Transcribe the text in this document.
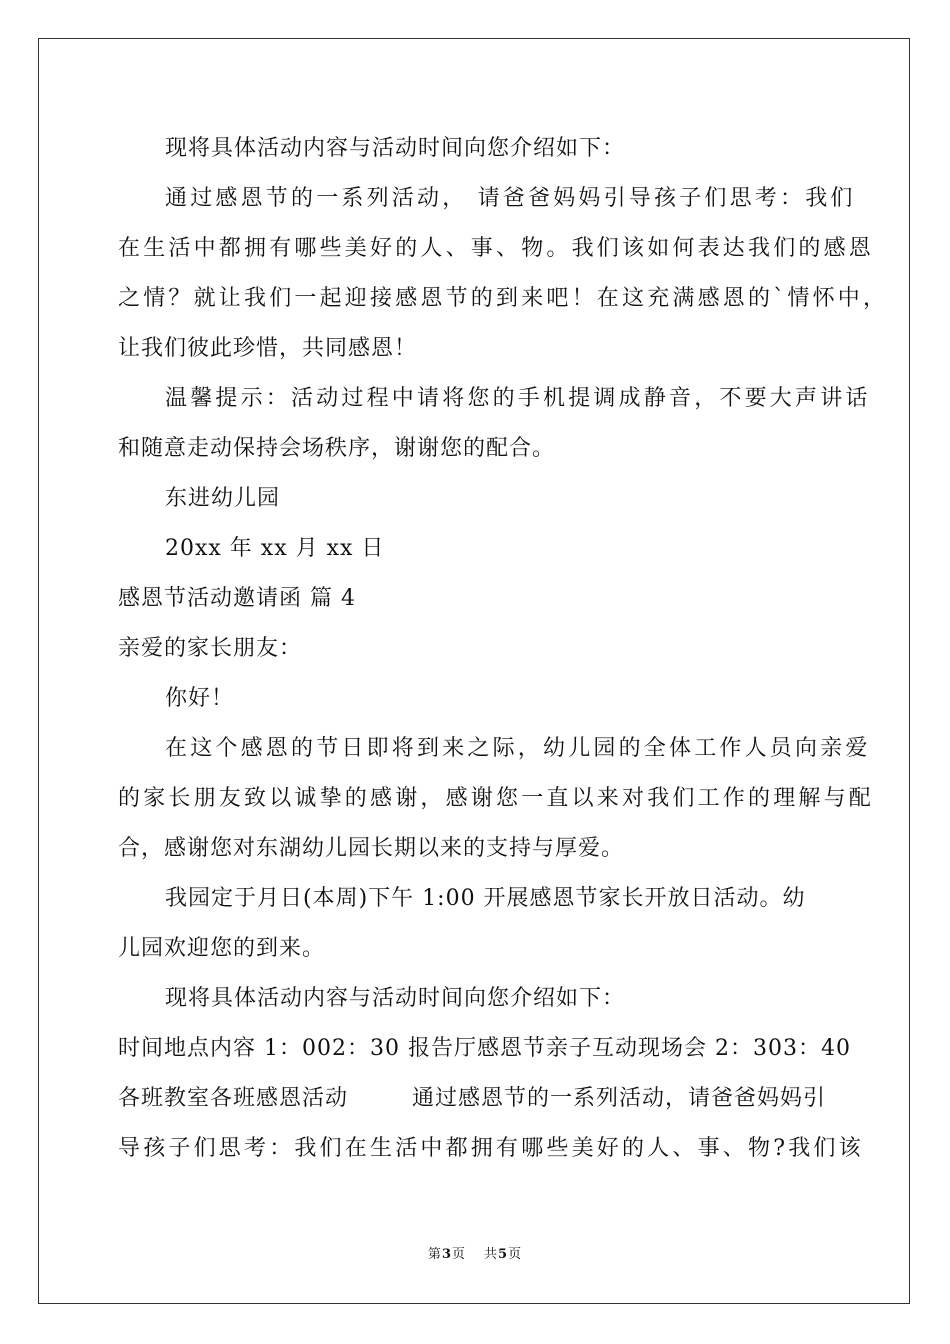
现将具体活动内容与活动时间向您介绍如下：
通过感恩节的一系列活动， 请爸爸妈妈引导孩子们思考：我们
在生活中都拥有哪些美好的人、事、物。我们该如何表达我们的感恩
之情？就让我们一起迎接感恩节的到来吧！在这充满感恩的`情怀中，
让我们彼此珍惜，共同感恩！
温馨提示：活动过程中请将您的手机提调成静音，不要大声讲话
和随意走动保持会场秩序，谢谢您的配合。
东进幼儿园
20xx 年 xx 月 xx 日
感恩节活动邀请函 篇 4
亲爱的家长朋友：
你好！
在这个感恩的节日即将到来之际，幼儿园的全体工作人员向亲爱
的家长朋友致以诚挚的感谢，感谢您一直以来对我们工作的理解与配
合，感谢您对东湖幼儿园长期以来的支持与厚爱。
我园定于月日(本周)下午 1:00 开展感恩节家长开放日活动。幼
儿园欢迎您的到来。
现将具体活动内容与活动时间向您介绍如下：
时间地点内容 1：002：30 报告厅感恩节亲子互动现场会 2：303：40
各班教室各班感恩活动        通过感恩节的一系列活动，请爸爸妈妈引
导孩子们思考：我们在生活中都拥有哪些美好的人、事、物?我们该
第3页 共5页
